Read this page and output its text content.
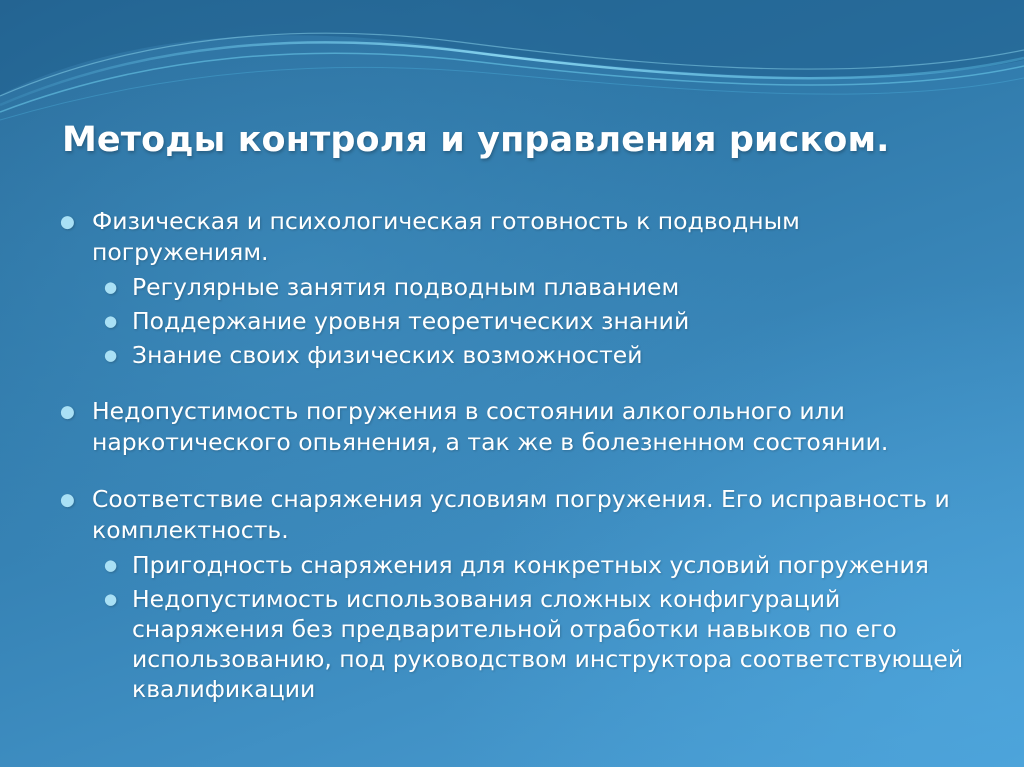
Методы контроля и управления риском.
● Физическая и психологическая готовность к подводным погружениям.
● Регулярные занятия подводным плаванием
● Поддержание уровня теоретических знаний
● Знание своих физических возможностей
● Недопустимость погружения в состоянии алкогольного или наркотического опьянения, а так же в болезненном состоянии.
● Соответствие снаряжения условиям погружения. Его исправность и комплектность.
● Пригодность снаряжения для конкретных условий погружения
● Недопустимость использования сложных конфигураций снаряжения без предварительной отработки навыков по его использованию, под руководством инструктора соответствующей квалификации
